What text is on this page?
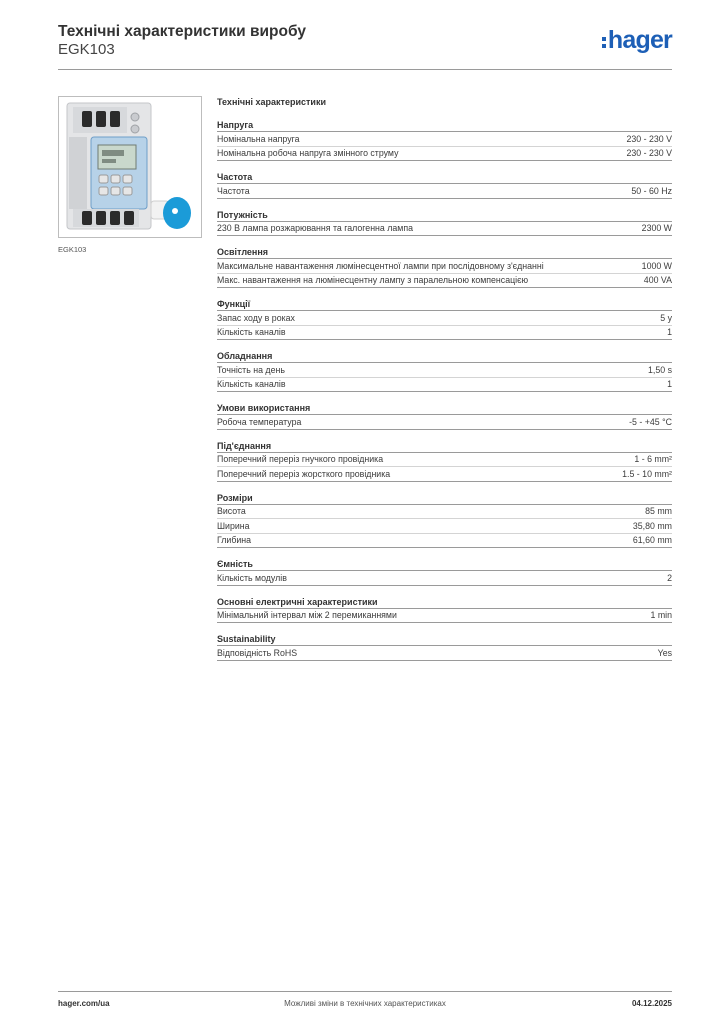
Технічні характеристики виробу
EGK103	hager
EGK103
Технічні характеристики
Напруга
Номінальна напруга	230 - 230 V
Номінальна робоча напруга змінного струму	230 - 230 V
Частота
Частота	50 - 60 Hz
Потужність
230 В лампа розжарювання та галогенна лампа	2300 W
Освітлення
Максимальне навантаження люмінесцентної лампи при послідовному з'єднанні	1000 W
Макс. навантаження на люмінесцентну лампу з паралельною компенсацією	400 VA
Функції
Запас ходу в роках	5 y
Кількість каналів	1
Обладнання
Точність на день	1,50 s
Кількість каналів	1
Умови використання
Робоча температура	-5 - +45 °C
Під'єднання
Поперечний переріз гнучкого провідника	1 - 6 mm²
Поперечний переріз жорсткого провідника	1.5 - 10 mm²
Розміри
Висота	85 mm
Ширина	35,80 mm
Глибина	61,60 mm
Ємність
Кількість модулів	2
Основні електричні характеристики
Мінімальний інтервал між 2 перемиканнями	1 min
Sustainability
Відповідність RoHS	Yes
hager.com/ua	Можливі зміни в технічних характеристиках	04.12.2025
